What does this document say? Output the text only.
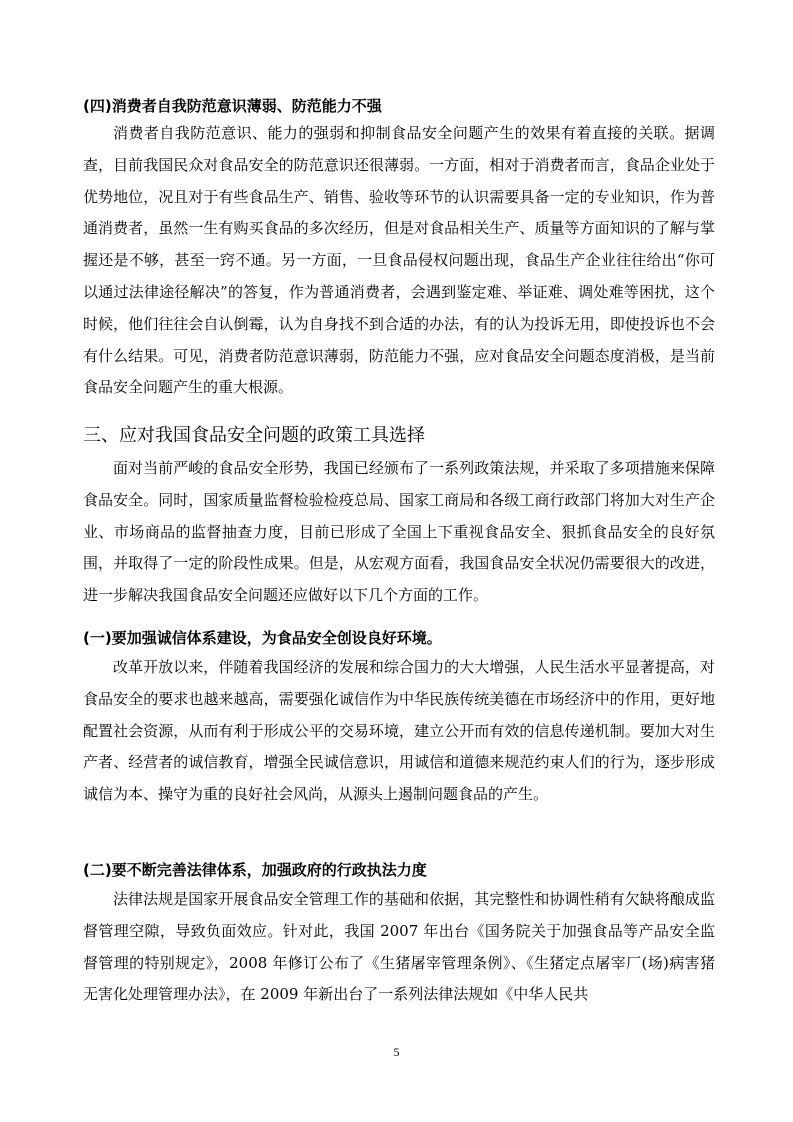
(四)消费者自我防范意识薄弱、防范能力不强

消费者自我防范意识、能力的强弱和抑制食品安全问题产生的效果有着直接的关联。据调查，目前我国民众对食品安全的防范意识还很薄弱。一方面，相对于消费者而言，食品企业处于优势地位，况且对于有些食品生产、销售、验收等环节的认识需要具备一定的专业知识，作为普通消费者，虽然一生有购买食品的多次经历，但是对食品相关生产、质量等方面知识的了解与掌握还是不够，甚至一窍不通。另一方面，一旦食品侵权问题出现，食品生产企业往往给出“你可以通过法律途径解决”的答复，作为普通消费者，会遇到鉴定难、举证难、调处难等困扰，这个时候，他们往往会自认倒霉，认为自身找不到合适的办法，有的认为投诉无用，即使投诉也不会有什么结果。可见，消费者防范意识薄弱，防范能力不强，应对食品安全问题态度消极，是当前食品安全问题产生的重大根源。

三、应对我国食品安全问题的政策工具选择

面对当前严峻的食品安全形势，我国已经颁布了一系列政策法规，并采取了多项措施来保障食品安全。同时，国家质量监督检验检疫总局、国家工商局和各级工商行政部门将加大对生产企业、市场商品的监督抽查力度，目前已形成了全国上下重视食品安全、狠抓食品安全的良好氛围，并取得了一定的阶段性成果。但是，从宏观方面看，我国食品安全状况仍需要很大的改进，进一步解决我国食品安全问题还应做好以下几个方面的工作。

(一)要加强诚信体系建设，为食品安全创设良好环境。

改革开放以来，伴随着我国经济的发展和综合国力的大大增强，人民生活水平显著提高，对食品安全的要求也越来越高，需要强化诚信作为中华民族传统美德在市场经济中的作用，更好地配置社会资源，从而有利于形成公平的交易环境，建立公开而有效的信息传递机制。要加大对生产者、经营者的诚信教育，增强全民诚信意识，用诚信和道德来规范约束人们的行为，逐步形成诚信为本、操守为重的良好社会风尚，从源头上遏制问题食品的产生。

(二)要不断完善法律体系，加强政府的行政执法力度

法律法规是国家开展食品安全管理工作的基础和依据，其完整性和协调性稍有欠缺将酿成监督管理空隙，导致负面效应。针对此，我国 2007 年出台《国务院关于加强食品等产品安全监督管理的特别规定》，2008 年修订公布了《生猪屠宰管理条例》、《生猪定点屠宰厂(场)病害猪无害化处理管理办法》，在 2009 年新出台了一系列法律法规如《中华人民共

5
